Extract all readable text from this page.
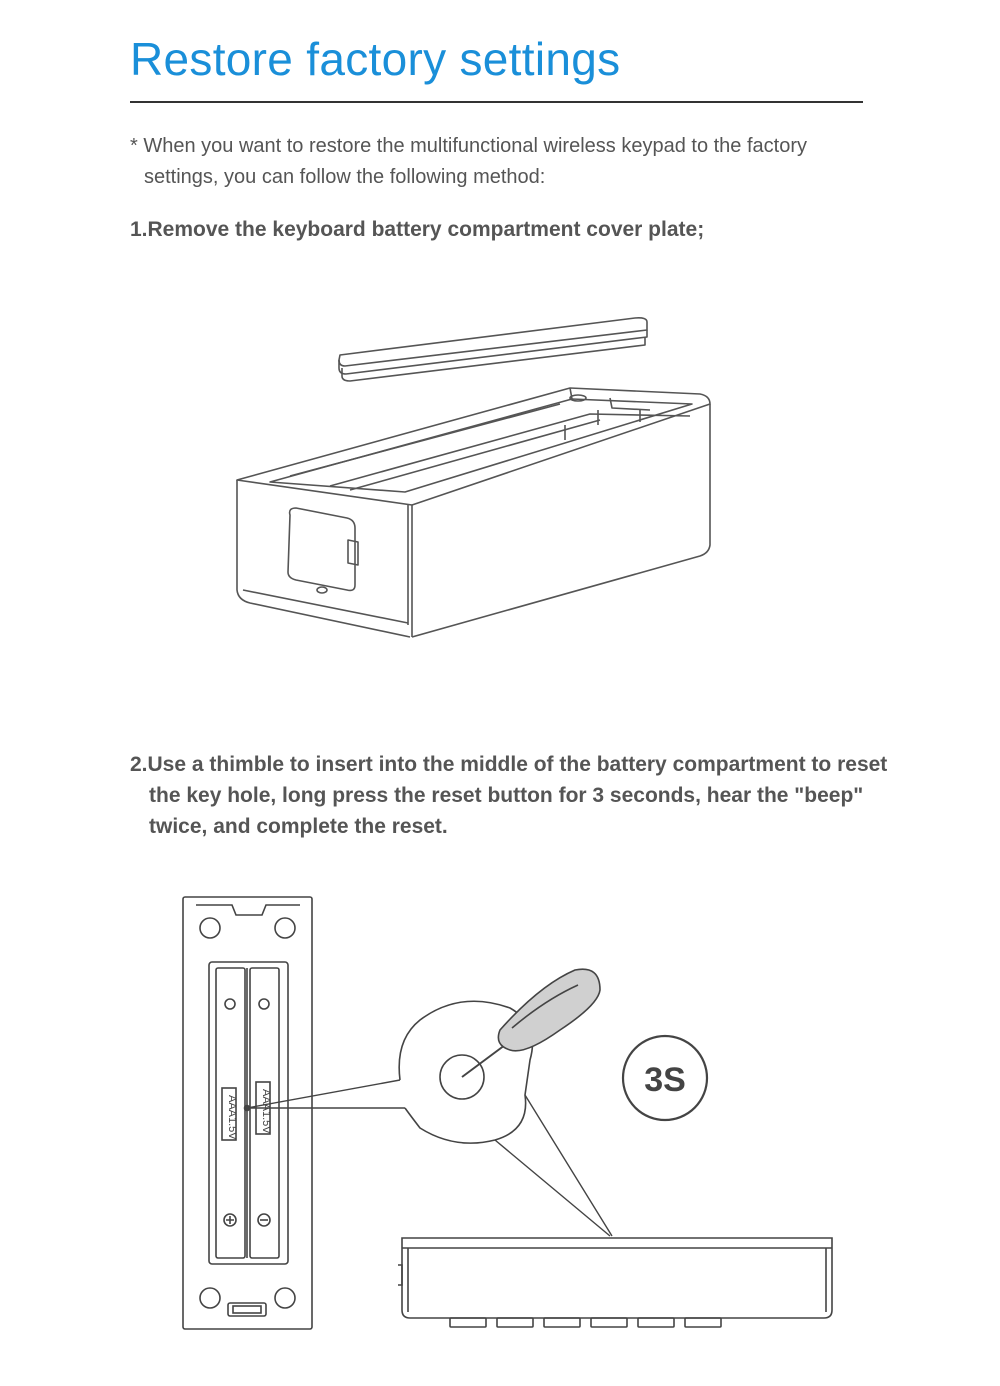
Restore factory settings

* When you want to restore the multifunctional wireless keypad to the factory settings, you can follow the following method:

1.Remove the keyboard battery compartment cover plate;
2.Use a thimble to insert into the middle of the battery compartment to reset the key hole, long press the reset button for 3 seconds, hear the "beep" twice, and complete the reset.
AAA1.5V AAA1.5V
3S
